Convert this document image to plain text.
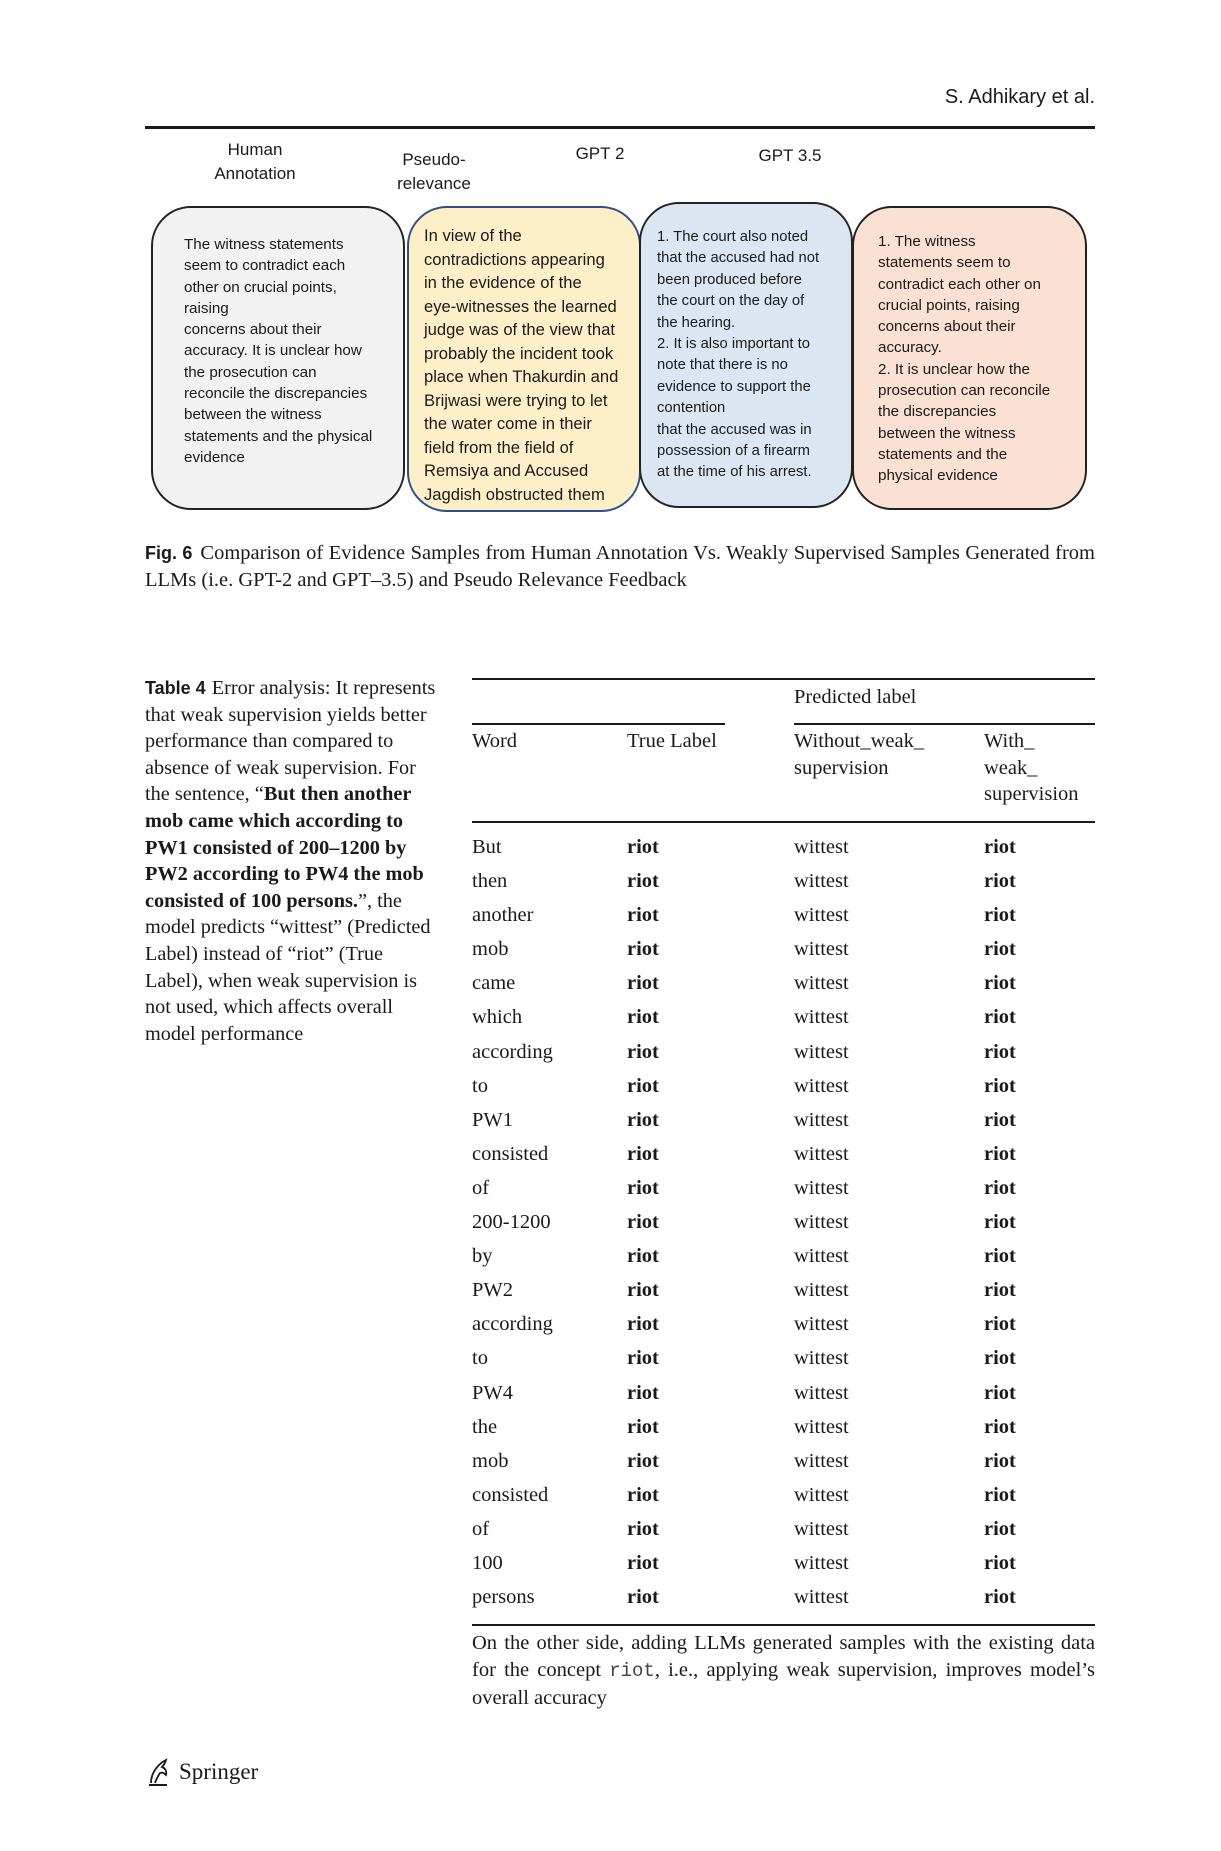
S. Adhikary et al.
Human
Annotation
Pseudo-relevance
GPT 2	GPT 3.5
The witness statements
seem to contradict each
other on crucial points,
raising
concerns about their
accuracy. It is unclear how
the prosecution can
reconcile the discrepancies
between the witness
statements and the physical
evidence
In view of the
contradictions appearing
in the evidence of the
eye-witnesses the learned
judge was of the view that
probably the incident took
place when Thakurdin and
Brijwasi were trying to let
the water come in their
field from the field of
Remsiya and Accused
Jagdish obstructed them
1. The court also noted
that the accused had not
been produced before
the court on the day of
the hearing.
2. It is also important to
note that there is no
evidence to support the
contention
that the accused was in
possession of a firearm
at the time of his arrest.
1. The witness
statements seem to
contradict each other on
crucial points, raising
concerns about their
accuracy.
2. It is unclear how the
prosecution can reconcile
the discrepancies
between the witness
statements and the
physical evidence
Fig. 6 Comparison of Evidence Samples from Human Annotation Vs. Weakly Supervised Samples Generated from LLMs (i.e. GPT-2 and GPT–3.5) and Pseudo Relevance Feedback
Table 4 Error analysis: It represents that weak supervision yields better performance than compared to absence of weak supervision. For the sentence, “But then another mob came which according to PW1 consisted of 200–1200 by PW2 according to PW4 the mob consisted of 100 persons.”, the model predicts “wittest” (Predicted Label) instead of “riot” (True Label), when weak supervision is not used, which affects overall model performance
Predicted label
Word	True Label	Without_weak_
supervision
With_
weak_
supervision
But	riot	wittest	riot
then	riot	wittest	riot
another	riot	wittest	riot
mob	riot	wittest	riot
came	riot	wittest	riot
which	riot	wittest	riot
according	riot	wittest	riot
to	riot	wittest	riot
PW1	riot	wittest	riot
consisted	riot	wittest	riot
of	riot	wittest	riot
200-1200	riot	wittest	riot
by	riot	wittest	riot
PW2	riot	wittest	riot
according	riot	wittest	riot
to	riot	wittest	riot
PW4	riot	wittest	riot
the	riot	wittest	riot
mob	riot	wittest	riot
consisted	riot	wittest	riot
of	riot	wittest	riot
100	riot	wittest	riot
persons	riot	wittest	riot
On the other side, adding LLMs generated samples with the existing data for the concept riot, i.e., applying weak supervision, improves model’s overall accuracy
Springer
